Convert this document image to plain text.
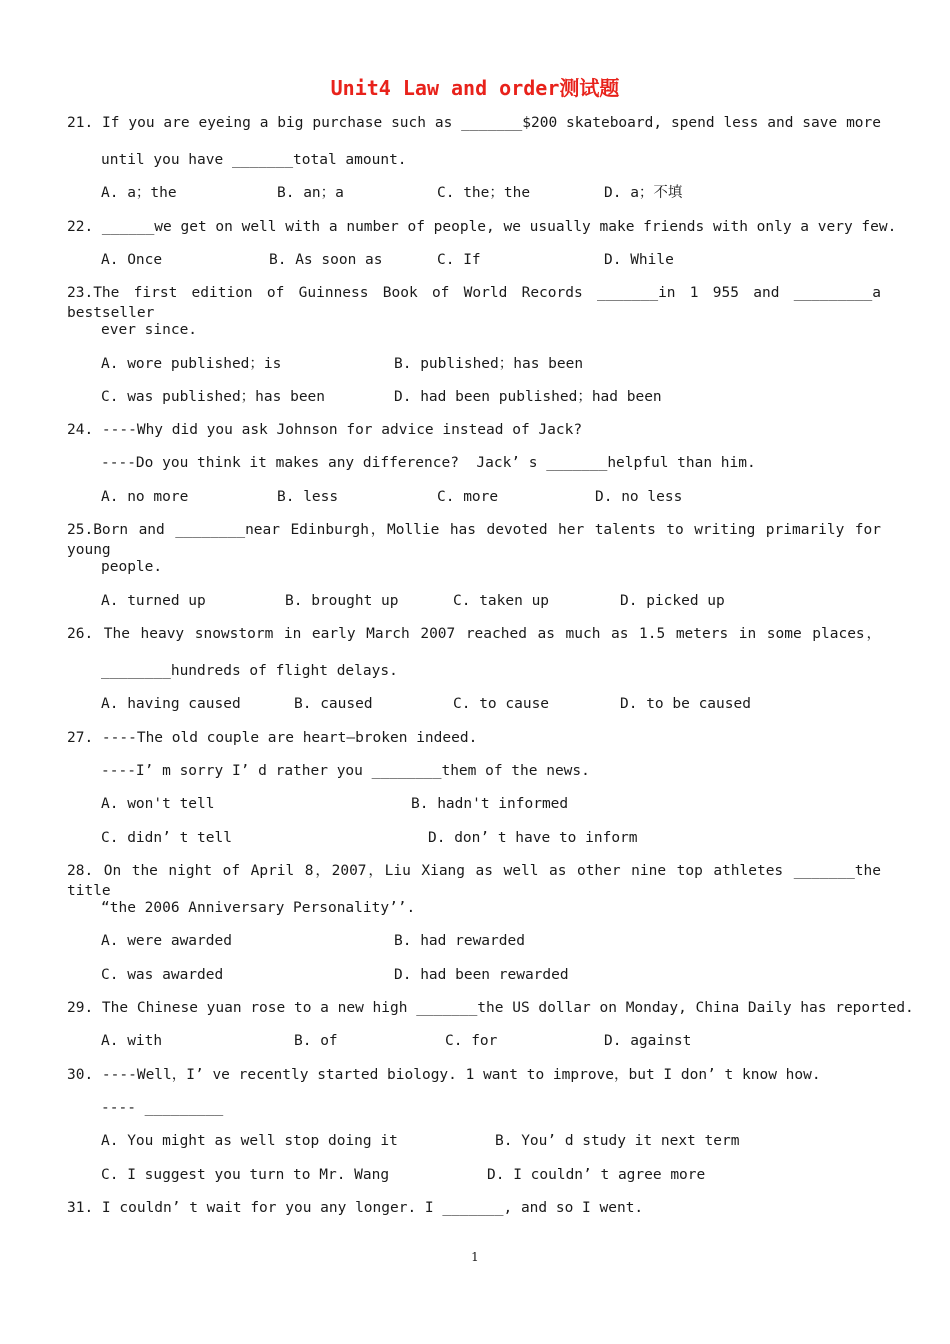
Unit4 Law and order测试题
21. If you are eyeing a big purchase such as _______$200 skateboard, spend less and save more
until you have _______total amount.
A. a；the	B. an；a	C. the；the	D. a；不填
22. ______we get on well with a number of people, we usually make friends with only a very few.
A. Once	B. As soon as	C. If	D. While
23.The first edition of Guinness Book of World Records _______in 1 955 and _________a bestseller
ever since.
A. wore published；is	B. published；has been
C. was published；has been	D. had been published；had been
24. ----Why did you ask Johnson for advice instead of Jack?
----Do you think it makes any difference?  Jack’ s _______helpful than him.
A. no more	B. less	C. more	D. no less
25.Born and ________near Edinburgh，Mollie has devoted her talents to writing primarily for young
people.
A. turned up	B. brought up	C. taken up	D. picked up
26. The heavy snowstorm in early March 2007 reached as much as 1.5 meters in some places，
________hundreds of flight delays.
A. having caused	B. caused	C. to cause	D. to be caused
27. ----The old couple are heart—broken indeed.
----I’ m sorry I’ d rather you ________them of the news.
A. won't tell	B. hadn't informed
C. didn’ t tell	D. don’ t have to inform
28. On the night of April 8，2007，Liu Xiang as well as other nine top athletes _______the title
“the 2006 Anniversary Personality’’.
A. were awarded	B. had rewarded
C. was awarded	D. had been rewarded
29. The Chinese yuan rose to a new high _______the US dollar on Monday, China Daily has reported.
A. with	B. of	C. for	D. against
30. ----Well，I’ ve recently started biology. 1 want to improve，but I don’ t know how.
---- _________
A. You might as well stop doing it	B. You’ d study it next term
C. I suggest you turn to Mr. Wang	D. I couldn’ t agree more
31. I couldn’ t wait for you any longer. I _______, and so I went.
1
